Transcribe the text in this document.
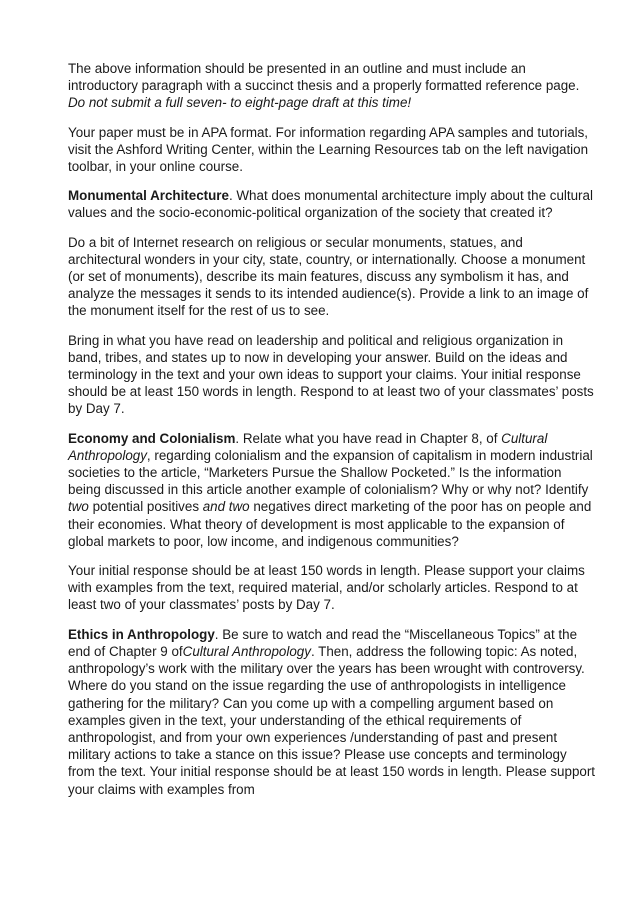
The above information should be presented in an outline and must include an introductory paragraph with a succinct thesis and a properly formatted reference page. Do not submit a full seven- to eight-page draft at this time!

Your paper must be in APA format. For information regarding APA samples and tutorials, visit the Ashford Writing Center, within the Learning Resources tab on the left navigation toolbar, in your online course.

Monumental Architecture. What does monumental architecture imply about the cultural values and the socio-economic-political organization of the society that created it?

Do a bit of Internet research on religious or secular monuments, statues, and architectural wonders in your city, state, country, or internationally. Choose a monument (or set of monuments), describe its main features, discuss any symbolism it has, and analyze the messages it sends to its intended audience(s). Provide a link to an image of the monument itself for the rest of us to see.

Bring in what you have read on leadership and political and religious organization in band, tribes, and states up to now in developing your answer. Build on the ideas and terminology in the text and your own ideas to support your claims. Your initial response should be at least 150 words in length. Respond to at least two of your classmates’ posts by Day 7.

Economy and Colonialism. Relate what you have read in Chapter 8, of Cultural Anthropology, regarding colonialism and the expansion of capitalism in modern industrial societies to the article, “Marketers Pursue the Shallow Pocketed.” Is the information being discussed in this article another example of colonialism? Why or why not? Identify two potential positives and two negatives direct marketing of the poor has on people and their economies. What theory of development is most applicable to the expansion of global markets to poor, low income, and indigenous communities?

Your initial response should be at least 150 words in length. Please support your claims with examples from the text, required material, and/or scholarly articles. Respond to at least two of your classmates’ posts by Day 7.

Ethics in Anthropology. Be sure to watch and read the “Miscellaneous Topics” at the end of Chapter 9 ofCultural Anthropology. Then, address the following topic: As noted, anthropology’s work with the military over the years has been wrought with controversy. Where do you stand on the issue regarding the use of anthropologists in intelligence gathering for the military? Can you come up with a compelling argument based on examples given in the text, your understanding of the ethical requirements of anthropologist, and from your own experiences /understanding of past and present military actions to take a stance on this issue? Please use concepts and terminology from the text. Your initial response should be at least 150 words in length. Please support your claims with examples from
